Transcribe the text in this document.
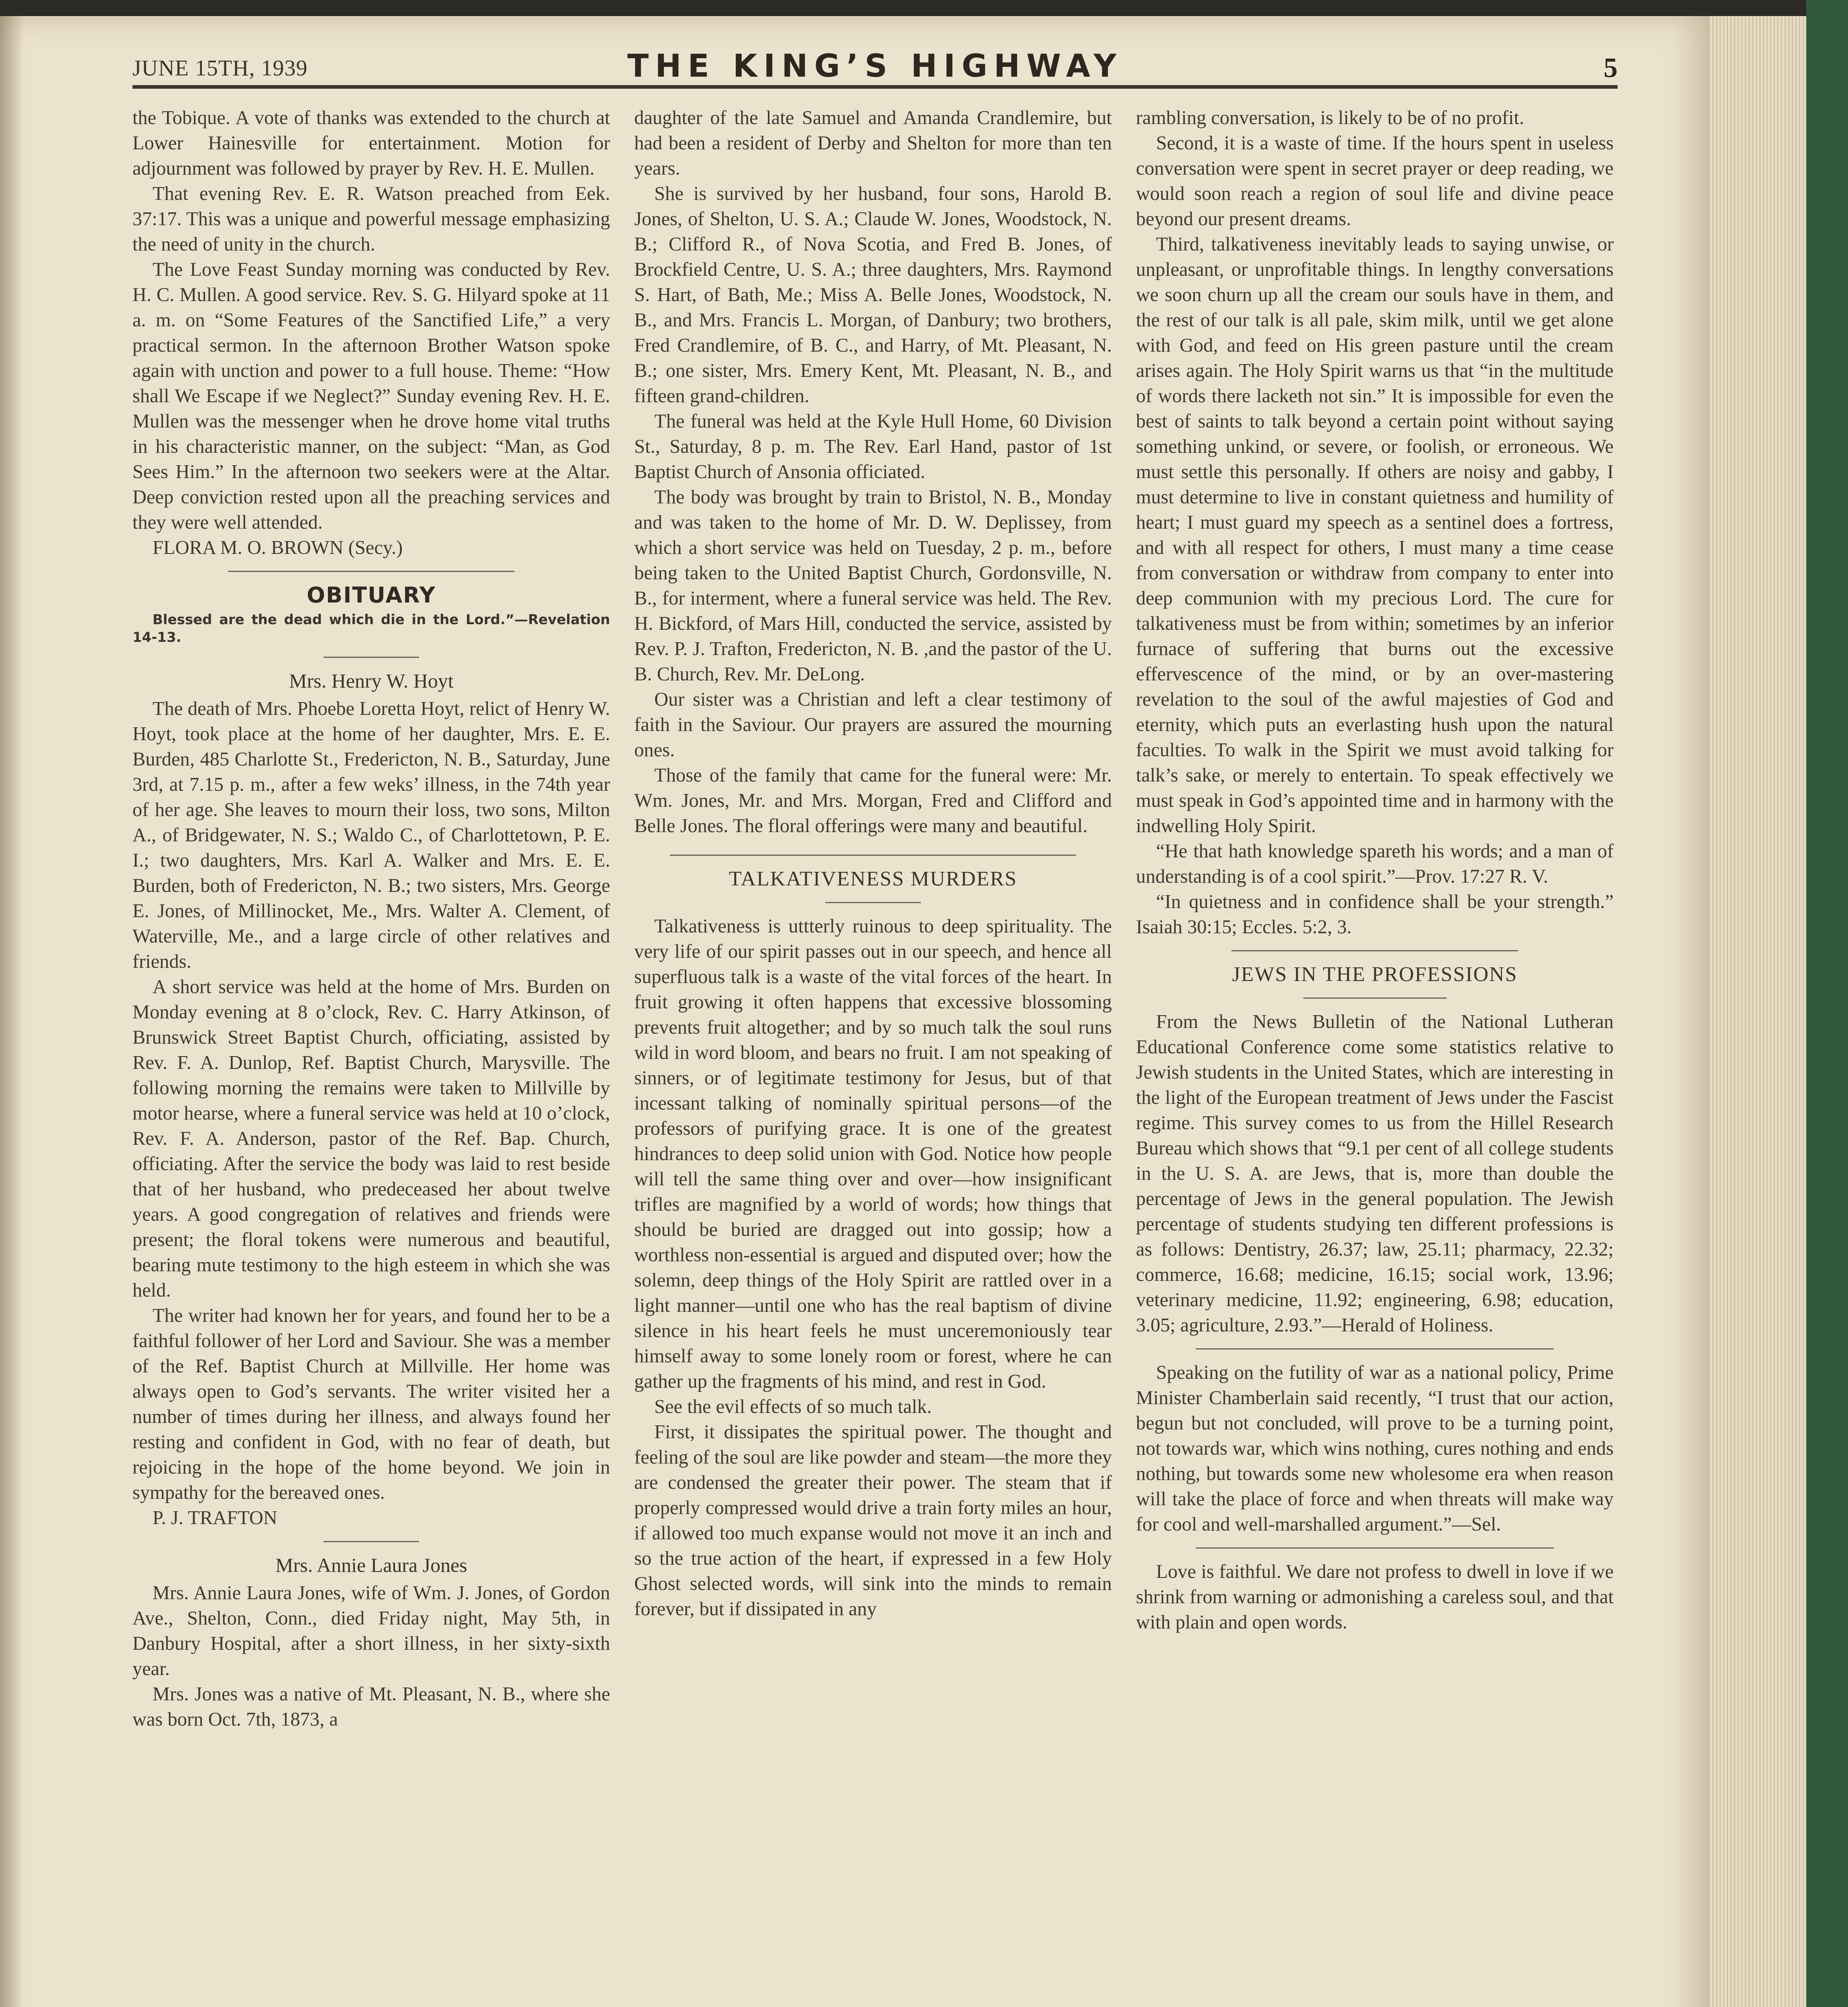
JUNE 15TH, 1939	THE KING’S HIGHWAY	5

the Tobique. A vote of thanks was extended to the church at Lower Hainesville for entertainment. Motion for adjournment was followed by prayer by Rev. H. E. Mullen.

That evening Rev. E. R. Watson preached from Eek. 37:17. This was a unique and powerful message emphasizing the need of unity in the church.

The Love Feast Sunday morning was conducted by Rev. H. C. Mullen. A good service. Rev. S. G. Hilyard spoke at 11 a. m. on “Some Features of the Sanctified Life,” a very practical sermon. In the afternoon Brother Watson spoke again with unction and power to a full house. Theme: “How shall We Escape if we Neglect?” Sunday evening Rev. H. E. Mullen was the messenger when he drove home vital truths in his characteristic manner, on the subject: “Man, as God Sees Him.” In the afternoon two seekers were at the Altar. Deep conviction rested upon all the preaching services and they were well attended.

FLORA M. O. BROWN (Secy.)

OBITUARY

Blessed are the dead which die in the Lord.”—Revelation 14-13.

Mrs. Henry W. Hoyt

The death of Mrs. Phoebe Loretta Hoyt, relict of Henry W. Hoyt, took place at the home of her daughter, Mrs. E. E. Burden, 485 Charlotte St., Fredericton, N. B., Saturday, June 3rd, at 7.15 p. m., after a few weks’ illness, in the 74th year of her age. She leaves to mourn their loss, two sons, Milton A., of Bridgewater, N. S.; Waldo C., of Charlottetown, P. E. I.; two daughters, Mrs. Karl A. Walker and Mrs. E. E. Burden, both of Fredericton, N. B.; two sisters, Mrs. George E. Jones, of Millinocket, Me., Mrs. Walter A. Clement, of Waterville, Me., and a large circle of other relatives and friends.

A short service was held at the home of Mrs. Burden on Monday evening at 8 o’clock, Rev. C. Harry Atkinson, of Brunswick Street Baptist Church, officiating, assisted by Rev. F. A. Dunlop, Ref. Baptist Church, Marysville. The following morning the remains were taken to Millville by motor hearse, where a funeral service was held at 10 o’clock, Rev. F. A. Anderson, pastor of the Ref. Bap. Church, officiating. After the service the body was laid to rest beside that of her husband, who predeceased her about twelve years. A good congregation of relatives and friends were present; the floral tokens were numerous and beautiful, bearing mute testimony to the high esteem in which she was held.

The writer had known her for years, and found her to be a faithful follower of her Lord and Saviour. She was a member of the Ref. Baptist Church at Millville. Her home was always open to God’s servants. The writer visited her a number of times during her illness, and always found her resting and confident in God, with no fear of death, but rejoicing in the hope of the home beyond. We join in sympathy for the bereaved ones.

P. J. TRAFTON

Mrs. Annie Laura Jones

Mrs. Annie Laura Jones, wife of Wm. J. Jones, of Gordon Ave., Shelton, Conn., died Friday night, May 5th, in Danbury Hospital, after a short illness, in her sixty-sixth year.

Mrs. Jones was a native of Mt. Pleasant, N. B., where she was born Oct. 7th, 1873, a

daughter of the late Samuel and Amanda Crandlemire, but had been a resident of Derby and Shelton for more than ten years.

She is survived by her husband, four sons, Harold B. Jones, of Shelton, U. S. A.; Claude W. Jones, Woodstock, N. B.; Clifford R., of Nova Scotia, and Fred B. Jones, of Brockfield Centre, U. S. A.; three daughters, Mrs. Raymond S. Hart, of Bath, Me.; Miss A. Belle Jones, Woodstock, N. B., and Mrs. Francis L. Morgan, of Danbury; two brothers, Fred Crandlemire, of B. C., and Harry, of Mt. Pleasant, N. B.; one sister, Mrs. Emery Kent, Mt. Pleasant, N. B., and fifteen grand-children.

The funeral was held at the Kyle Hull Home, 60 Division St., Saturday, 8 p. m. The Rev. Earl Hand, pastor of 1st Baptist Church of Ansonia officiated.

The body was brought by train to Bristol, N. B., Monday and was taken to the home of Mr. D. W. Deplissey, from which a short service was held on Tuesday, 2 p. m., before being taken to the United Baptist Church, Gordonsville, N. B., for interment, where a funeral service was held. The Rev. H. Bickford, of Mars Hill, conducted the service, assisted by Rev. P. J. Trafton, Fredericton, N. B. ,and the pastor of the U. B. Church, Rev. Mr. DeLong.

Our sister was a Christian and left a clear testimony of faith in the Saviour. Our prayers are assured the mourning ones.

Those of the family that came for the funeral were: Mr. Wm. Jones, Mr. and Mrs. Morgan, Fred and Clifford and Belle Jones. The floral offerings were many and beautiful.

TALKATIVENESS MURDERS

Talkativeness is uttterly ruinous to deep spirituality. The very life of our spirit passes out in our speech, and hence all superfluous talk is a waste of the vital forces of the heart. In fruit growing it often happens that excessive blossoming prevents fruit altogether; and by so much talk the soul runs wild in word bloom, and bears no fruit. I am not speaking of sinners, or of legitimate testimony for Jesus, but of that incessant talking of nominally spiritual persons—of the professors of purifying grace. It is one of the greatest hindrances to deep solid union with God. Notice how people will tell the same thing over and over—how insignificant trifles are magnified by a world of words; how things that should be buried are dragged out into gossip; how a worthless non-essential is argued and disputed over; how the solemn, deep things of the Holy Spirit are rattled over in a light manner—until one who has the real baptism of divine silence in his heart feels he must unceremoniously tear himself away to some lonely room or forest, where he can gather up the fragments of his mind, and rest in God.

See the evil effects of so much talk.

First, it dissipates the spiritual power. The thought and feeling of the soul are like powder and steam—the more they are condensed the greater their power. The steam that if properly compressed would drive a train forty miles an hour, if allowed too much expanse would not move it an inch and so the true action of the heart, if expressed in a few Holy Ghost selected words, will sink into the minds to remain forever, but if dissipated in any

rambling conversation, is likely to be of no profit.

Second, it is a waste of time. If the hours spent in useless conversation were spent in secret prayer or deep reading, we would soon reach a region of soul life and divine peace beyond our present dreams.

Third, talkativeness inevitably leads to saying unwise, or unpleasant, or unprofitable things. In lengthy conversations we soon churn up all the cream our souls have in them, and the rest of our talk is all pale, skim milk, until we get alone with God, and feed on His green pasture until the cream arises again. The Holy Spirit warns us that “in the multitude of words there lacketh not sin.” It is impossible for even the best of saints to talk beyond a certain point without saying something unkind, or severe, or foolish, or erroneous. We must settle this personally. If others are noisy and gabby, I must determine to live in constant quietness and humility of heart; I must guard my speech as a sentinel does a fortress, and with all respect for others, I must many a time cease from conversation or withdraw from company to enter into deep communion with my precious Lord. The cure for talkativeness must be from within; sometimes by an inferior furnace of suffering that burns out the excessive effervescence of the mind, or by an over-mastering revelation to the soul of the awful majesties of God and eternity, which puts an everlasting hush upon the natural faculties. To walk in the Spirit we must avoid talking for talk’s sake, or merely to entertain. To speak effectively we must speak in God’s appointed time and in harmony with the indwelling Holy Spirit.

“He that hath knowledge spareth his words; and a man of understanding is of a cool spirit.”—Prov. 17:27 R. V.

“In quietness and in confidence shall be your strength.” Isaiah 30:15; Eccles. 5:2, 3.

JEWS IN THE PROFESSIONS

From the News Bulletin of the National Lutheran Educational Conference come some statistics relative to Jewish students in the United States, which are interesting in the light of the European treatment of Jews under the Fascist regime. This survey comes to us from the Hillel Research Bureau which shows that “9.1 per cent of all college students in the U. S. A. are Jews, that is, more than double the percentage of Jews in the general population. The Jewish percentage of students studying ten different professions is as follows: Dentistry, 26.37; law, 25.11; pharmacy, 22.32; commerce, 16.68; medicine, 16.15; social work, 13.96; veterinary medicine, 11.92; engineering, 6.98; education, 3.05; agriculture, 2.93.”—Herald of Holiness.

Speaking on the futility of war as a national policy, Prime Minister Chamberlain said recently, “I trust that our action, begun but not concluded, will prove to be a turning point, not towards war, which wins nothing, cures nothing and ends nothing, but towards some new wholesome era when reason will take the place of force and when threats will make way for cool and well-marshalled argument.”—Sel.

Love is faithful. We dare not profess to dwell in love if we shrink from warning or admonishing a careless soul, and that with plain and open words.
